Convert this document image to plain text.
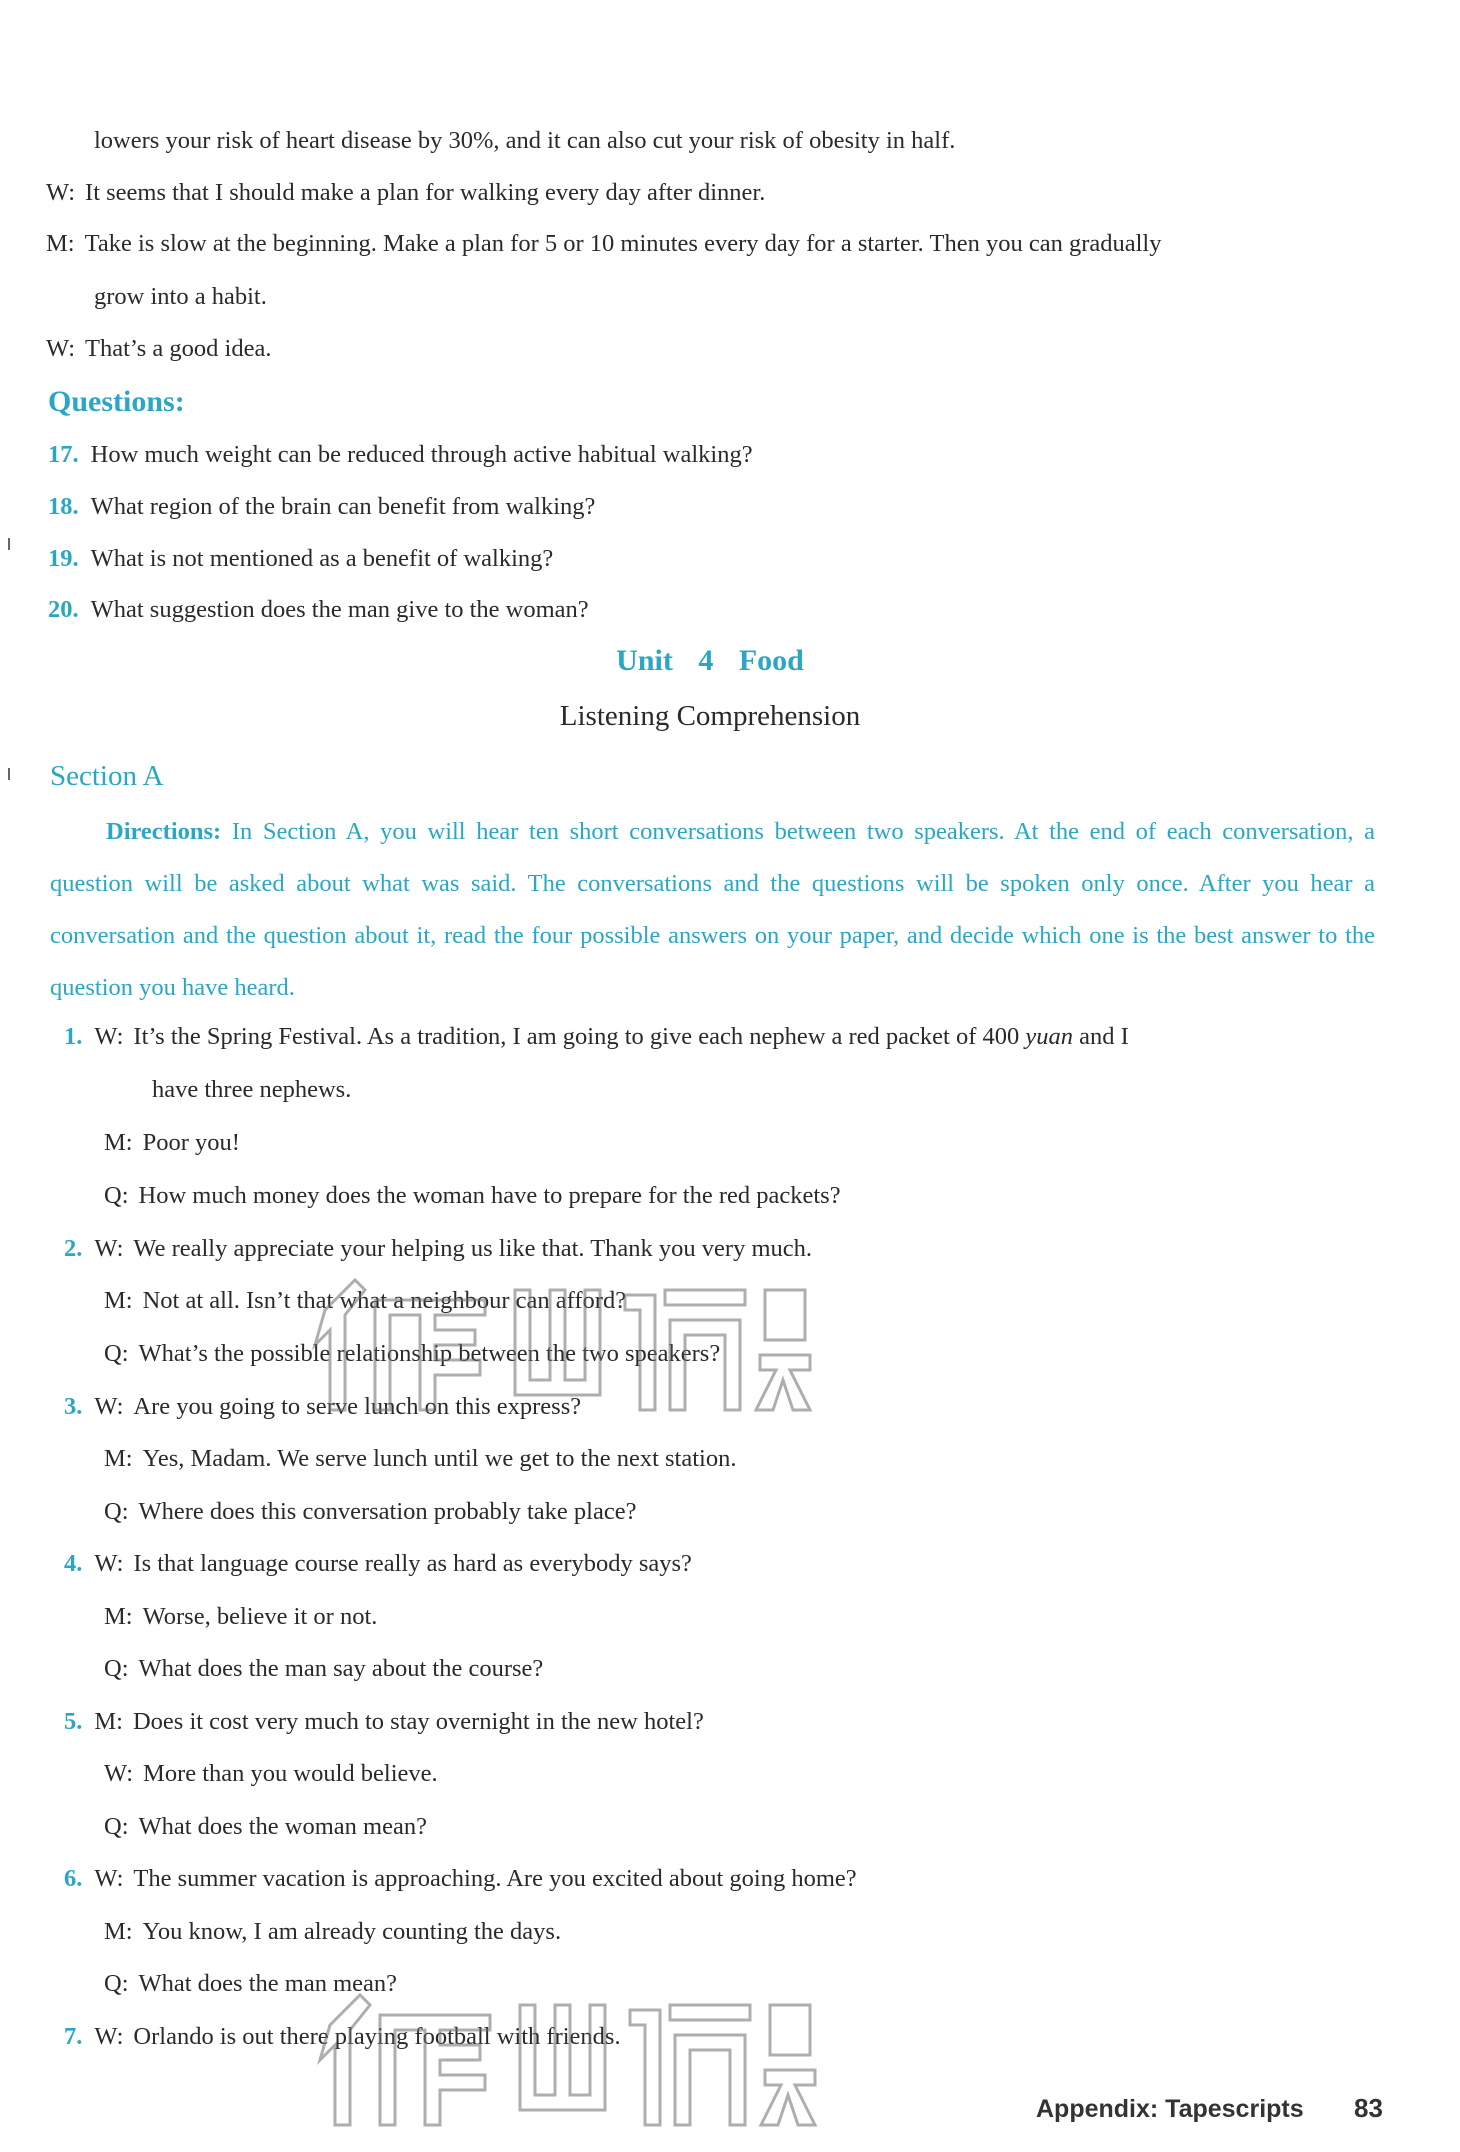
lowers your risk of heart disease by 30%, and it can also cut your risk of obesity in half.
W: It seems that I should make a plan for walking every day after dinner.
M: Take is slow at the beginning. Make a plan for 5 or 10 minutes every day for a starter. Then you can gradually
grow into a habit.
W: That’s a good idea.
Questions:
17. How much weight can be reduced through active habitual walking?
18. What region of the brain can benefit from walking?
19. What is not mentioned as a benefit of walking?
20. What suggestion does the man give to the woman?
Unit 4 Food
Listening Comprehension
Section A
Directions: In Section A, you will hear ten short conversations between two speakers. At the end of each conversation, a question will be asked about what was said. The conversations and the questions will be spoken only once. After you hear a conversation and the question about it, read the four possible answers on your paper, and decide which one is the best answer to the question you have heard.
1. W: It’s the Spring Festival. As a tradition, I am going to give each nephew a red packet of 400 yuan and I
have three nephews.
M: Poor you!
Q: How much money does the woman have to prepare for the red packets?
2. W: We really appreciate your helping us like that. Thank you very much.
M: Not at all. Isn’t that what a neighbour can afford?
Q: What’s the possible relationship between the two speakers?
3. W: Are you going to serve lunch on this express?
M: Yes, Madam. We serve lunch until we get to the next station.
Q: Where does this conversation probably take place?
4. W: Is that language course really as hard as everybody says?
M: Worse, believe it or not.
Q: What does the man say about the course?
5. M: Does it cost very much to stay overnight in the new hotel?
W: More than you would believe.
Q: What does the woman mean?
6. W: The summer vacation is approaching. Are you excited about going home?
M: You know, I am already counting the days.
Q: What does the man mean?
7. W: Orlando is out there playing football with friends.
Appendix: Tapescripts 83
